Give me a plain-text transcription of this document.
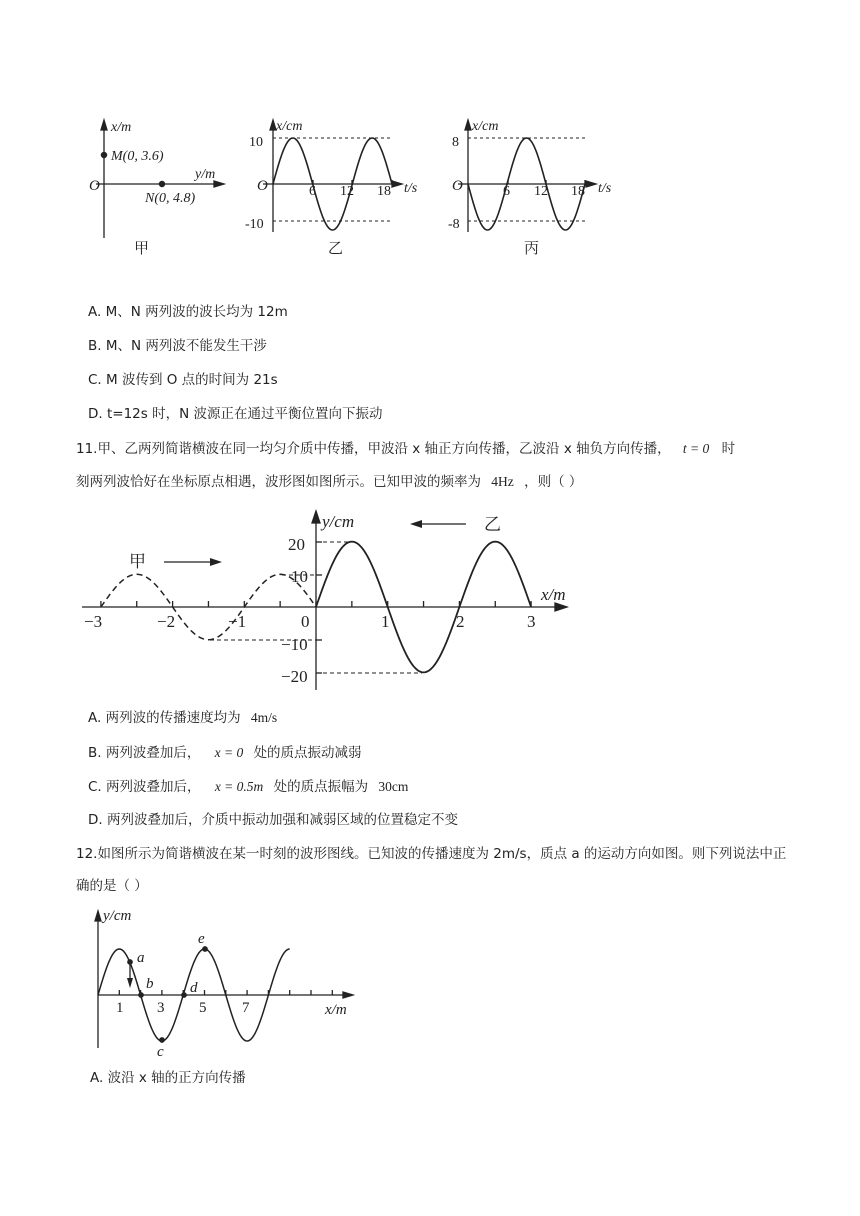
x/m
y/m
O
M(0, 3.6)
N(0, 4.8)
甲
x/cm
10
-10
O	6 12 18 t/s
乙
x/cm
8
-8
O	6 12 18 t/s
丙
y/cm
x/m
甲
乙
20
10
−10
−20
−3	−2	−1	0	1	2	3
y/cm
x/m
1 3 5 7
a
b
c
d
e
A. M、N 两列波的波长均为 12m
B. M、N 两列波不能发生干涉
C. M 波传到 O 点的时间为 21s
D. t=12s 时，N 波源正在通过平衡位置向下振动
11.甲、乙两列简谐横波在同一均匀介质中传播，甲波沿 x 轴正方向传播，乙波沿 x 轴负方向传播， t = 0 时
刻两列波恰好在坐标原点相遇，波形图如图所示。已知甲波的频率为 4Hz ，则（ ）
A. 两列波的传播速度均为 4m/s
B. 两列波叠加后， x = 0 处的质点振动减弱
C. 两列波叠加后， x = 0.5m 处的质点振幅为 30cm
D. 两列波叠加后，介质中振动加强和减弱区域的位置稳定不变
12.如图所示为简谐横波在某一时刻的波形图线。已知波的传播速度为 2m/s，质点 a 的运动方向如图。则下列说法中正确的是（ ）
A. 波沿 x 轴的正方向传播
